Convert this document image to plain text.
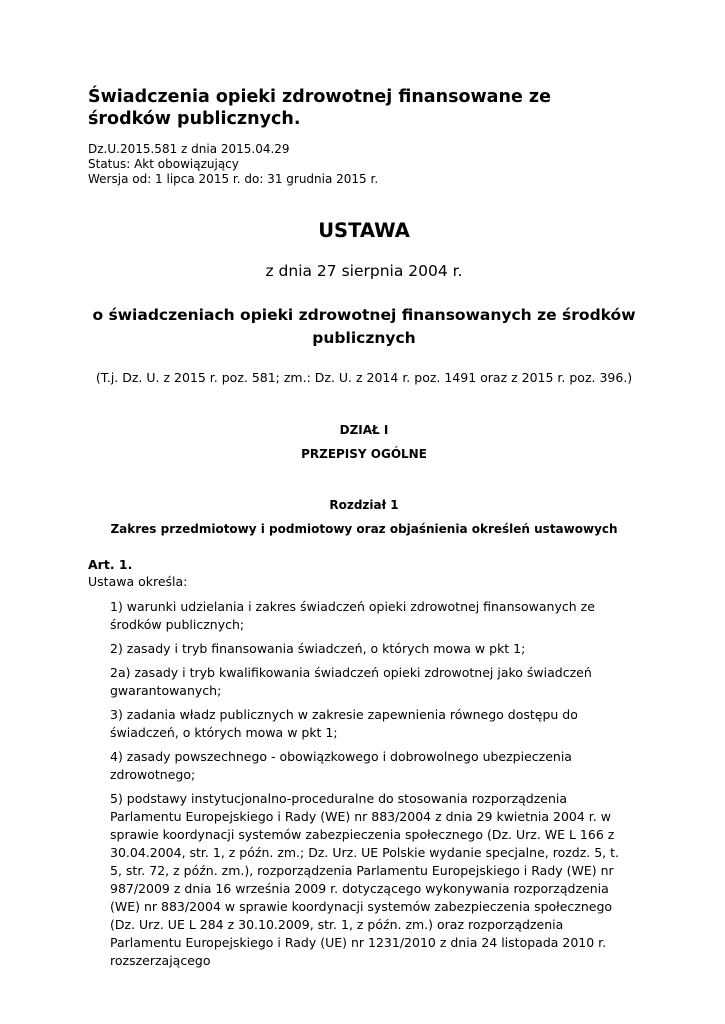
Świadczenia opieki zdrowotnej finansowane ze środków publicznych.
Dz.U.2015.581 z dnia 2015.04.29
Status: Akt obowiązujący
Wersja od: 1 lipca 2015 r. do: 31 grudnia 2015 r.
USTAWA
z dnia 27 sierpnia 2004 r.
o świadczeniach opieki zdrowotnej finansowanych ze środków publicznych
(T.j. Dz. U. z 2015 r. poz. 581; zm.: Dz. U. z 2014 r. poz. 1491 oraz z 2015 r. poz. 396.)
DZIAŁ I
PRZEPISY OGÓLNE
Rozdział 1
Zakres przedmiotowy i podmiotowy oraz objaśnienia określeń ustawowych
Art. 1.
Ustawa określa:

1) warunki udzielania i zakres świadczeń opieki zdrowotnej finansowanych ze środków publicznych;

2) zasady i tryb finansowania świadczeń, o których mowa w pkt 1;

2a) zasady i tryb kwalifikowania świadczeń opieki zdrowotnej jako świadczeń gwarantowanych;

3) zadania władz publicznych w zakresie zapewnienia równego dostępu do świadczeń, o których mowa w pkt 1;

4) zasady powszechnego - obowiązkowego i dobrowolnego ubezpieczenia zdrowotnego;

5) podstawy instytucjonalno-proceduralne do stosowania rozporządzenia Parlamentu Europejskiego i Rady (WE) nr 883/2004 z dnia 29 kwietnia 2004 r. w sprawie koordynacji systemów zabezpieczenia społecznego (Dz. Urz. WE L 166 z 30.04.2004, str. 1, z późn. zm.; Dz. Urz. UE Polskie wydanie specjalne, rozdz. 5, t. 5, str. 72, z późn. zm.), rozporządzenia Parlamentu Europejskiego i Rady (WE) nr 987/2009 z dnia 16 września 2009 r. dotyczącego wykonywania rozporządzenia (WE) nr 883/2004 w sprawie koordynacji systemów zabezpieczenia społecznego (Dz. Urz. UE L 284 z 30.10.2009, str. 1, z późn. zm.) oraz rozporządzenia Parlamentu Europejskiego i Rady (UE) nr 1231/2010 z dnia 24 listopada 2010 r. rozszerzającego
